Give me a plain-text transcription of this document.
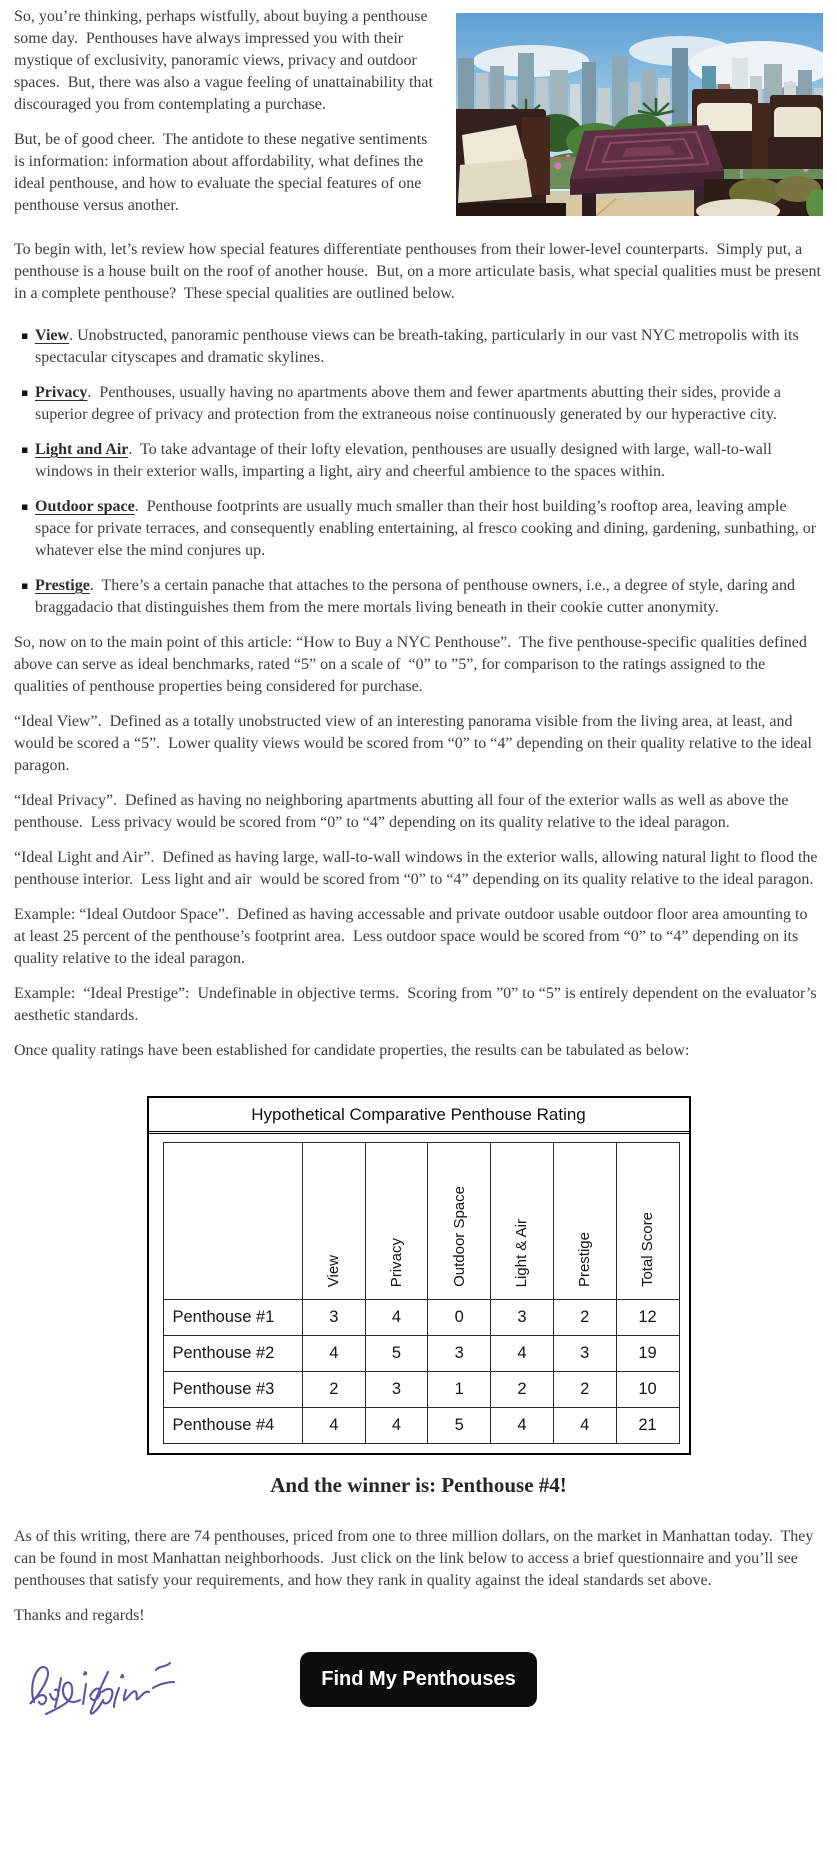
So, you’re thinking, perhaps wistfully, about buying a penthouse some day.  Penthouses have always impressed you with their mystique of exclusivity, panoramic views, privacy and outdoor spaces.  But, there was also a vague feeling of unattainability that discouraged you from contemplating a purchase.

But, be of good cheer.  The antidote to these negative sentiments is information: information about affordability, what defines the ideal penthouse, and how to evaluate the special features of one penthouse versus another.

To begin with, let’s review how special features differentiate penthouses from their lower-level counterparts.  Simply put, a penthouse is a house built on the roof of another house.  But, on a more articulate basis, what special qualities must be present in a complete penthouse?  These special qualities are outlined below.

▪ View. Unobstructed, panoramic penthouse views can be breath-taking, particularly in our vast NYC metropolis with its spectacular cityscapes and dramatic skylines.

▪ Privacy.  Penthouses, usually having no apartments above them and fewer apartments abutting their sides, provide a superior degree of privacy and protection from the extraneous noise continuously generated by our hyperactive city.

▪ Light and Air.  To take advantage of their lofty elevation, penthouses are usually designed with large, wall-to-wall windows in their exterior walls, imparting a light, airy and cheerful ambience to the spaces within.

▪ Outdoor space.  Penthouse footprints are usually much smaller than their host building’s rooftop area, leaving ample space for private terraces, and consequently enabling entertaining, al fresco cooking and dining, gardening, sunbathing, or whatever else the mind conjures up.

▪ Prestige.  There’s a certain panache that attaches to the persona of penthouse owners, i.e., a degree of style, daring and braggadacio that distinguishes them from the mere mortals living beneath in their cookie cutter anonymity.

So, now on to the main point of this article: “How to Buy a NYC Penthouse”.  The five penthouse-specific qualities defined above can serve as ideal benchmarks, rated “5” on a scale of  “0” to ”5”, for comparison to the ratings assigned to the qualities of penthouse properties being considered for purchase.

“Ideal View”.  Defined as a totally unobstructed view of an interesting panorama visible from the living area, at least, and would be scored a “5”.  Lower quality views would be scored from “0” to “4” depending on their quality relative to the ideal paragon.

“Ideal Privacy”.  Defined as having no neighboring apartments abutting all four of the exterior walls as well as above the penthouse.  Less privacy would be scored from “0” to “4” depending on its quality relative to the ideal paragon.

“Ideal Light and Air”.  Defined as having large, wall-to-wall windows in the exterior walls, allowing natural light to flood the penthouse interior.  Less light and air  would be scored from “0” to “4” depending on its quality relative to the ideal paragon.

Example: “Ideal Outdoor Space”.  Defined as having accessable and private outdoor usable outdoor floor area amounting to at least 25 percent of the penthouse’s footprint area.  Less outdoor space would be scored from “0” to “4” depending on its quality relative to the ideal paragon.

Example:  “Ideal Prestige”:  Undefinable in objective terms.  Scoring from ”0” to “5” is entirely dependent on the evaluator’s aesthetic standards.

Once quality ratings have been established for candidate properties, the results can be tabulated as below:

Hypothetical Comparative Penthouse Rating
	View	Privacy	Outdoor Space	Light & Air	Prestige	Total Score
Penthouse #1	3	4	0	3	2	12
Penthouse #2	4	5	3	4	3	19
Penthouse #3	2	3	1	2	2	10
Penthouse #4	4	4	5	4	4	21
And the winner is: Penthouse #4!

As of this writing, there are 74 penthouses, priced from one to three million dollars, on the market in Manhattan today.  They can be found in most Manhattan neighborhoods.  Just click on the link below to access a brief questionnaire and you’ll see penthouses that satisfy your requirements, and how they rank in quality against the ideal standards set above.

Thanks and regards!

Find My Penthouses
